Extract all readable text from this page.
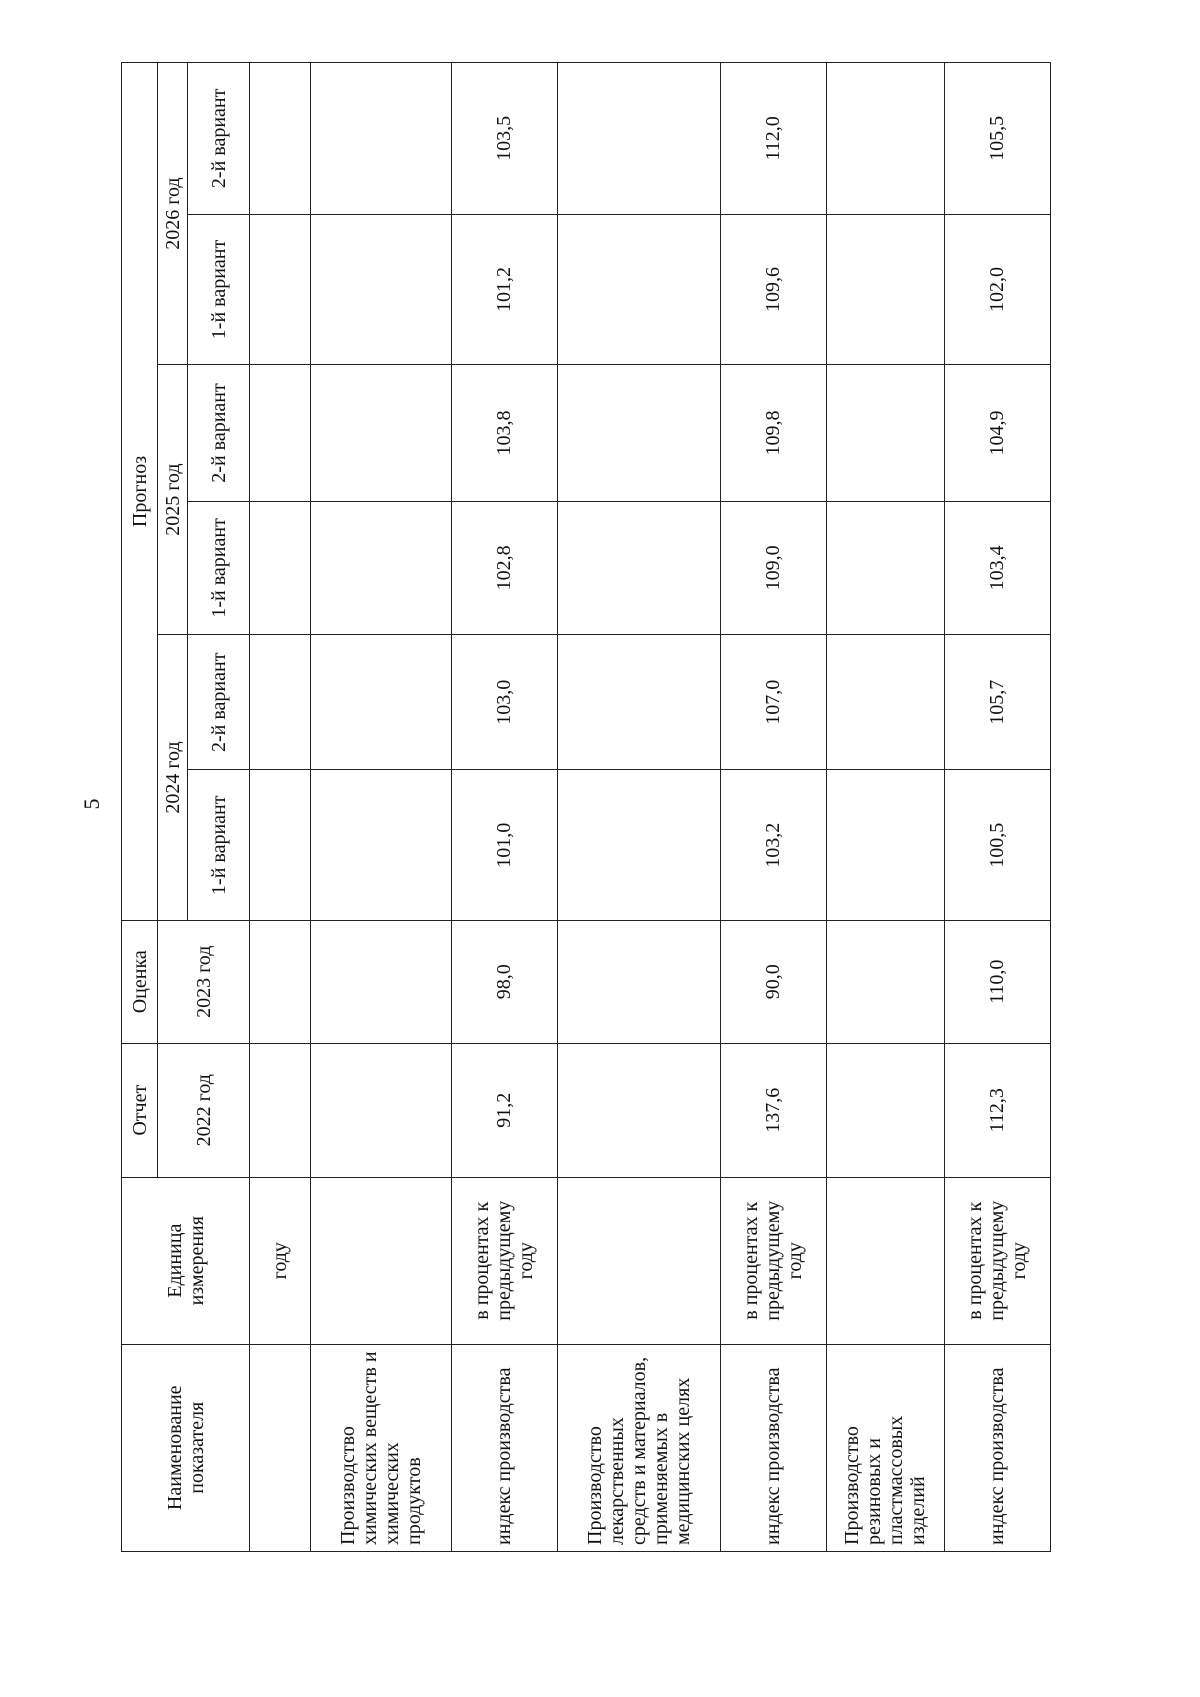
5
Наименование показателя	Единица измерения	Отчет	Оценка	Прогноз					
		2022 год	2023 год	2024 год		2025 год		2026 год	
				1-й вариант	2-й вариант	1-й вариант	2-й вариант	1-й вариант	2-й вариант
	году								
Производство химических веществ и химических продуктов									
индекс производства	в процентах к предыдущему году	91,2	98,0	101,0	103,0	102,8	103,8	101,2	103,5
Производство лекарственных средств и материалов, применяемых в медицинских целях									
индекс производства	в процентах к предыдущему году	137,6	90,0	103,2	107,0	109,0	109,8	109,6	112,0
Производство резиновых и пластмассовых изделий									
индекс производства	в процентах к предыдущему году	112,3	110,0	100,5	105,7	103,4	104,9	102,0	105,5
